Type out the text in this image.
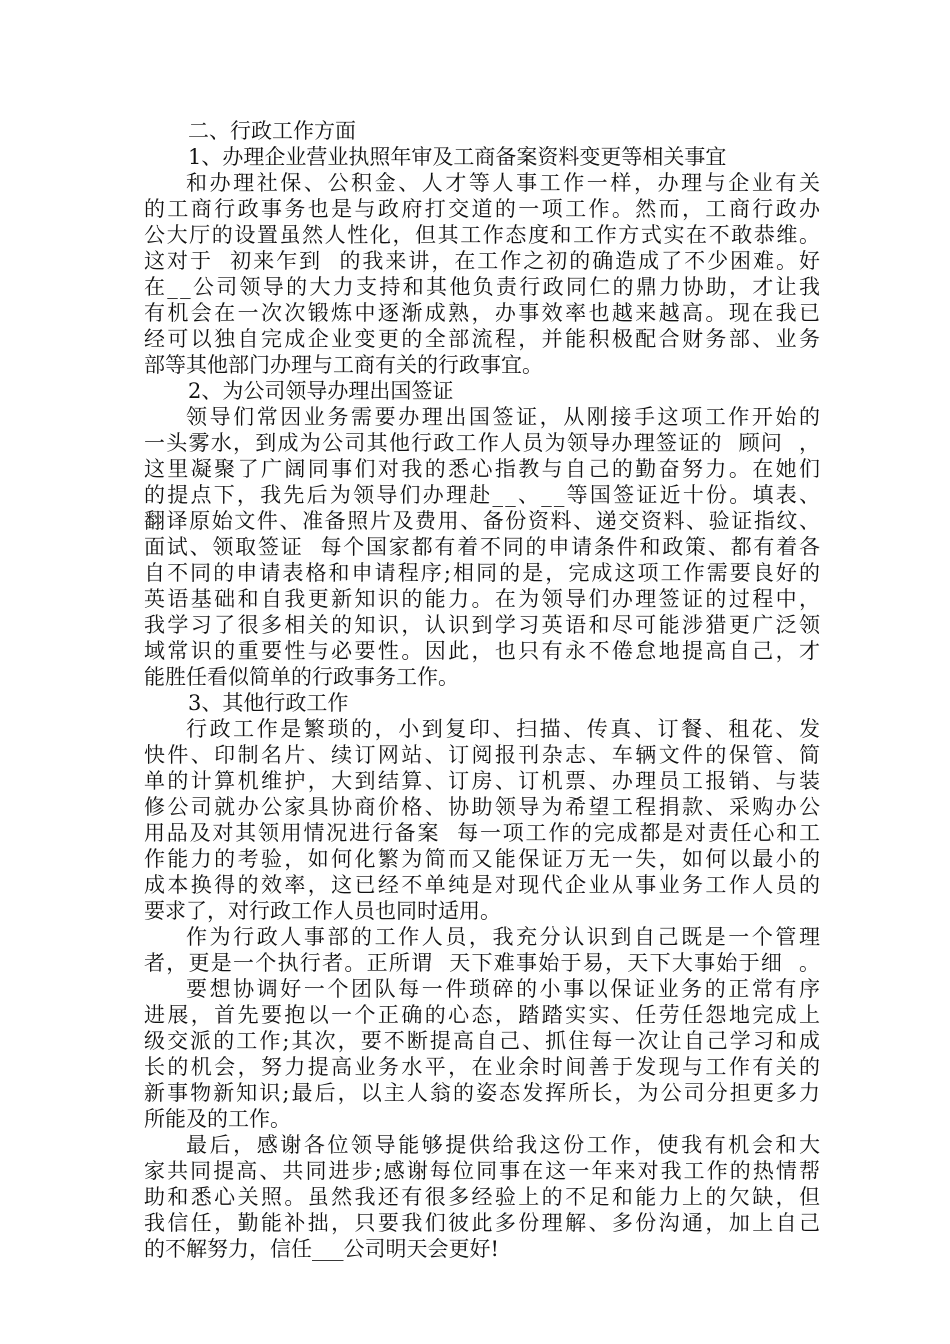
二、行政工作方面
1、办理企业营业执照年审及工商备案资料变更等相关事宜
和办理社保、公积金、人才等人事工作一样，办理与企业有关
的工商行政事务也是与政府打交道的一项工作。然而，工商行政办
公大厅的设置虽然人性化，但其工作态度和工作方式实在不敢恭维。
这对于  初来乍到  的我来讲，在工作之初的确造成了不少困难。好
在__公司领导的大力支持和其他负责行政同仁的鼎力协助，才让我
有机会在一次次锻炼中逐渐成熟，办事效率也越来越高。现在我已
经可以独自完成企业变更的全部流程，并能积极配合财务部、业务
部等其他部门办理与工商有关的行政事宜。
2、为公司领导办理出国签证
领导们常因业务需要办理出国签证，从刚接手这项工作开始的
一头雾水，到成为公司其他行政工作人员为领导办理签证的  顾问  ，
这里凝聚了广阔同事们对我的悉心指教与自己的勤奋努力。在她们
的提点下，我先后为领导们办理赴__、__等国签证近十份。填表、
翻译原始文件、准备照片及费用、备份资料、递交资料、验证指纹、
面试、领取签证  每个国家都有着不同的申请条件和政策、都有着各
自不同的申请表格和申请程序;相同的是，完成这项工作需要良好的
英语基础和自我更新知识的能力。在为领导们办理签证的过程中，
我学习了很多相关的知识，认识到学习英语和尽可能涉猎更广泛领
域常识的重要性与必要性。因此，也只有永不倦怠地提高自己，才
能胜任看似简单的行政事务工作。
3、其他行政工作
行政工作是繁琐的，小到复印、扫描、传真、订餐、租花、发
快件、印制名片、续订网站、订阅报刊杂志、车辆文件的保管、简
单的计算机维护，大到结算、订房、订机票、办理员工报销、与装
修公司就办公家具协商价格、协助领导为希望工程捐款、采购办公
用品及对其领用情况进行备案  每一项工作的完成都是对责任心和工
作能力的考验，如何化繁为简而又能保证万无一失，如何以最小的
成本换得的效率，这已经不单纯是对现代企业从事业务工作人员的
要求了，对行政工作人员也同时适用。
作为行政人事部的工作人员，我充分认识到自己既是一个管理
者，更是一个执行者。正所谓  天下难事始于易，天下大事始于细  。
要想协调好一个团队每一件琐碎的小事以保证业务的正常有序
进展，首先要抱以一个正确的心态，踏踏实实、任劳任怨地完成上
级交派的工作;其次，要不断提高自己、抓住每一次让自己学习和成
长的机会，努力提高业务水平，在业余时间善于发现与工作有关的
新事物新知识;最后，以主人翁的姿态发挥所长，为公司分担更多力
所能及的工作。
最后，感谢各位领导能够提供给我这份工作，使我有机会和大
家共同提高、共同进步;感谢每位同事在这一年来对我工作的热情帮
助和悉心关照。虽然我还有很多经验上的不足和能力上的欠缺，但
我信任，勤能补拙，只要我们彼此多份理解、多份沟通，加上自己
的不解努力，信任___公司明天会更好!
